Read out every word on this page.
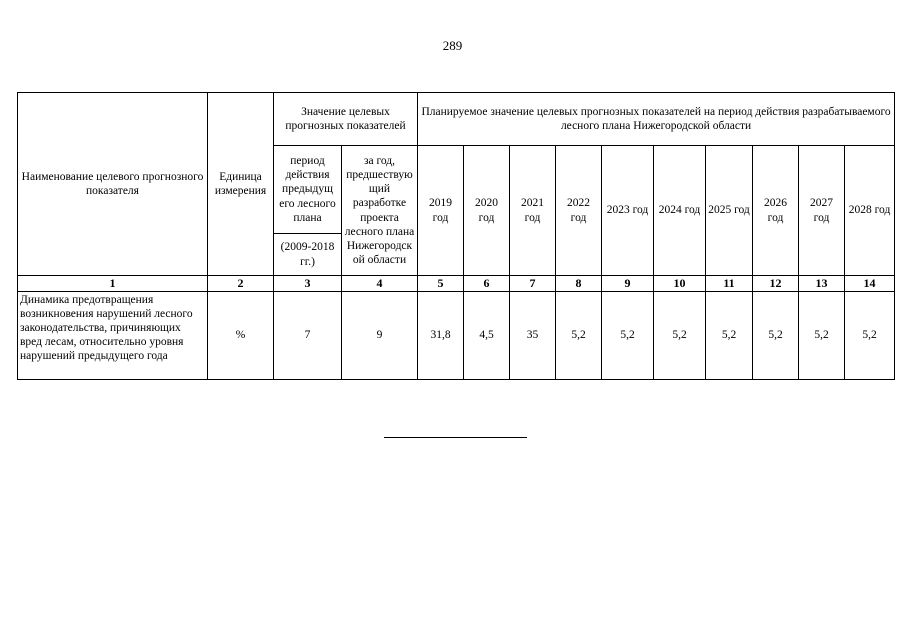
289
Наименование целевого прогнозного показателя	Единица измерения	Значение целевых прогнозных показателей		Планируемое значение целевых прогнозных показателей на период действия разрабатываемого лесного плана Нижегородской области									
		период действия предыдущ его лесного плана	за год, предшествую щий разработке проекта лесного плана Нижегородск ой области	2019 год	2020 год	2021 год	2022 год	2023 год	2024 год	2025 год	2026 год	2027 год	2028 год
		(2009-2018 гг.)											
1	2	3	4	5	6	7	8	9	10	11	12	13	14
Динамика предотвращения возникновения нарушений лесного законодательства, причиняющих вред лесам, относительно уровня нарушений предыдущего года	%	7	9	31,8	4,5	35	5,2	5,2	5,2	5,2	5,2	5,2	5,2
